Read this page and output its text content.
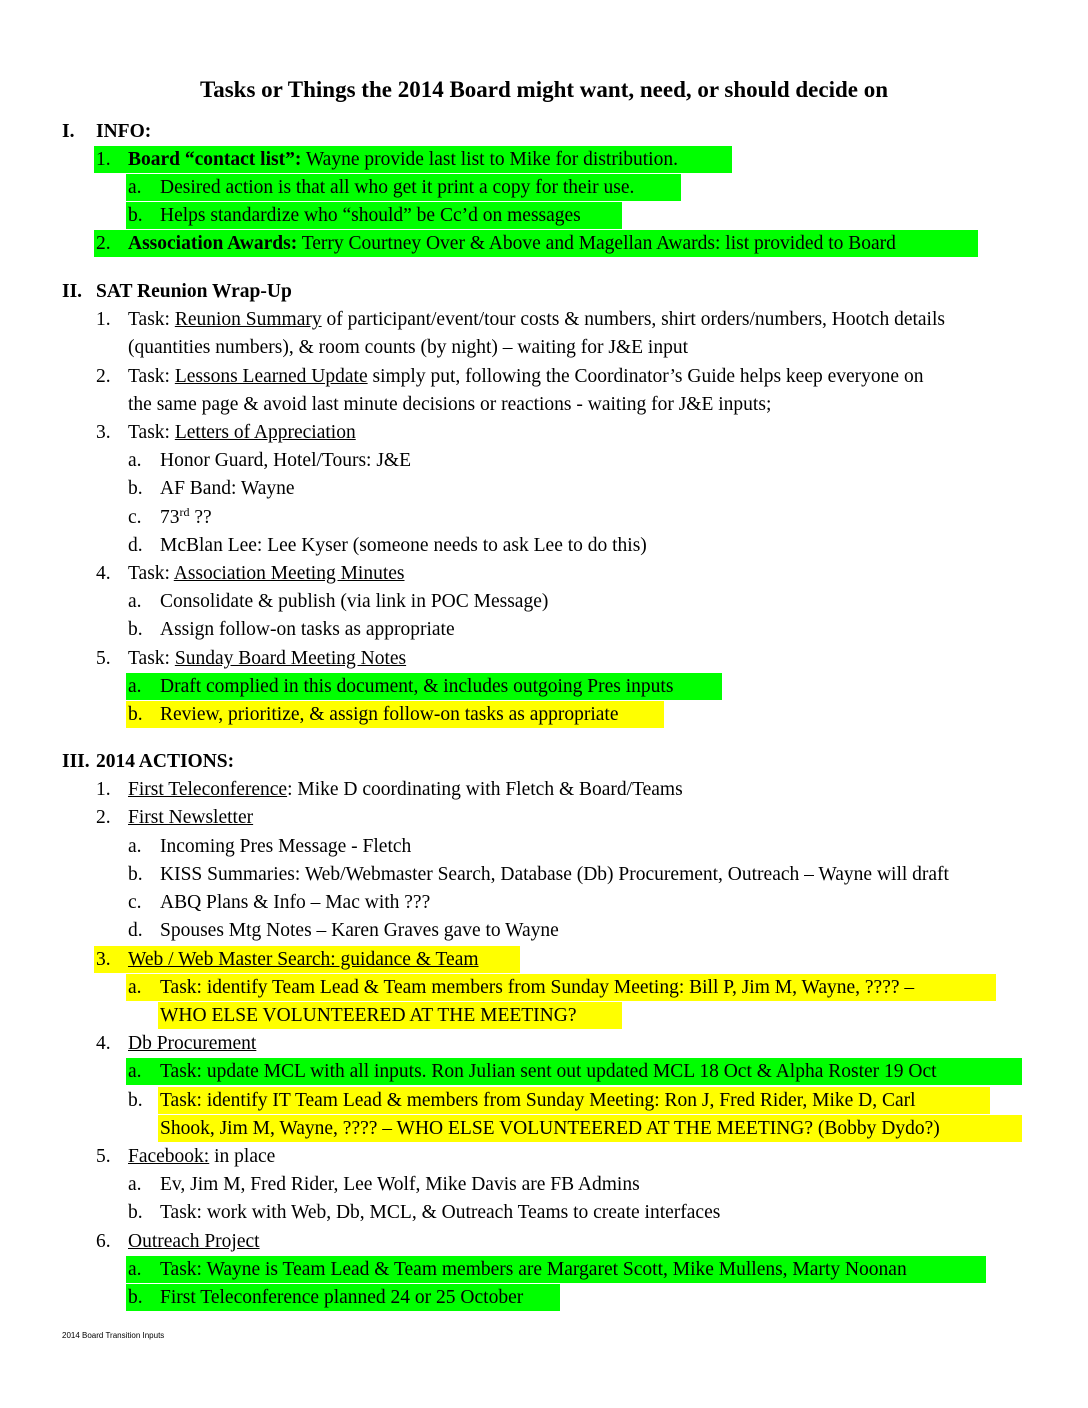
Tasks or Things the 2014 Board might want, need, or should decide on
I. INFO:
1. Board “contact list”: Wayne provide last list to Mike for distribution.
a. Desired action is that all who get it print a copy for their use.
b. Helps standardize who “should” be Cc’d on messages
2. Association Awards: Terry Courtney Over & Above and Magellan Awards: list provided to Board
II. SAT Reunion Wrap-Up
1. Task: Reunion Summary of participant/event/tour costs & numbers, shirt orders/numbers, Hootch details
(quantities numbers), & room counts (by night) – waiting for J&E input
2. Task: Lessons Learned Update simply put, following the Coordinator’s Guide helps keep everyone on
the same page & avoid last minute decisions or reactions - waiting for J&E inputs;
3. Task: Letters of Appreciation
a. Honor Guard, Hotel/Tours: J&E
b. AF Band: Wayne
c. 73rd ??
d. McBlan Lee: Lee Kyser (someone needs to ask Lee to do this)
4. Task: Association Meeting Minutes
a. Consolidate & publish (via link in POC Message)
b. Assign follow-on tasks as appropriate
5. Task: Sunday Board Meeting Notes
a. Draft complied in this document, & includes outgoing Pres inputs
b. Review, prioritize, & assign follow-on tasks as appropriate
III. 2014 ACTIONS:
1. First Teleconference: Mike D coordinating with Fletch & Board/Teams
2. First Newsletter
a. Incoming Pres Message - Fletch
b. KISS Summaries: Web/Webmaster Search, Database (Db) Procurement, Outreach – Wayne will draft
c. ABQ Plans & Info – Mac with ???
d. Spouses Mtg Notes – Karen Graves gave to Wayne
3. Web / Web Master Search: guidance & Team
a. Task: identify Team Lead & Team members from Sunday Meeting: Bill P, Jim M, Wayne, ???? –
WHO ELSE VOLUNTEERED AT THE MEETING?
4. Db Procurement
a. Task: update MCL with all inputs. Ron Julian sent out updated MCL 18 Oct & Alpha Roster 19 Oct
b. Task: identify IT Team Lead & members from Sunday Meeting: Ron J, Fred Rider, Mike D, Carl
Shook, Jim M, Wayne, ???? – WHO ELSE VOLUNTEERED AT THE MEETING? (Bobby Dydo?)
5. Facebook: in place
a. Ev, Jim M, Fred Rider, Lee Wolf, Mike Davis are FB Admins
b. Task: work with Web, Db, MCL, & Outreach Teams to create interfaces
6. Outreach Project
a. Task: Wayne is Team Lead & Team members are Margaret Scott, Mike Mullens, Marty Noonan
b. First Teleconference planned 24 or 25 October
2014 Board Transition Inputs
